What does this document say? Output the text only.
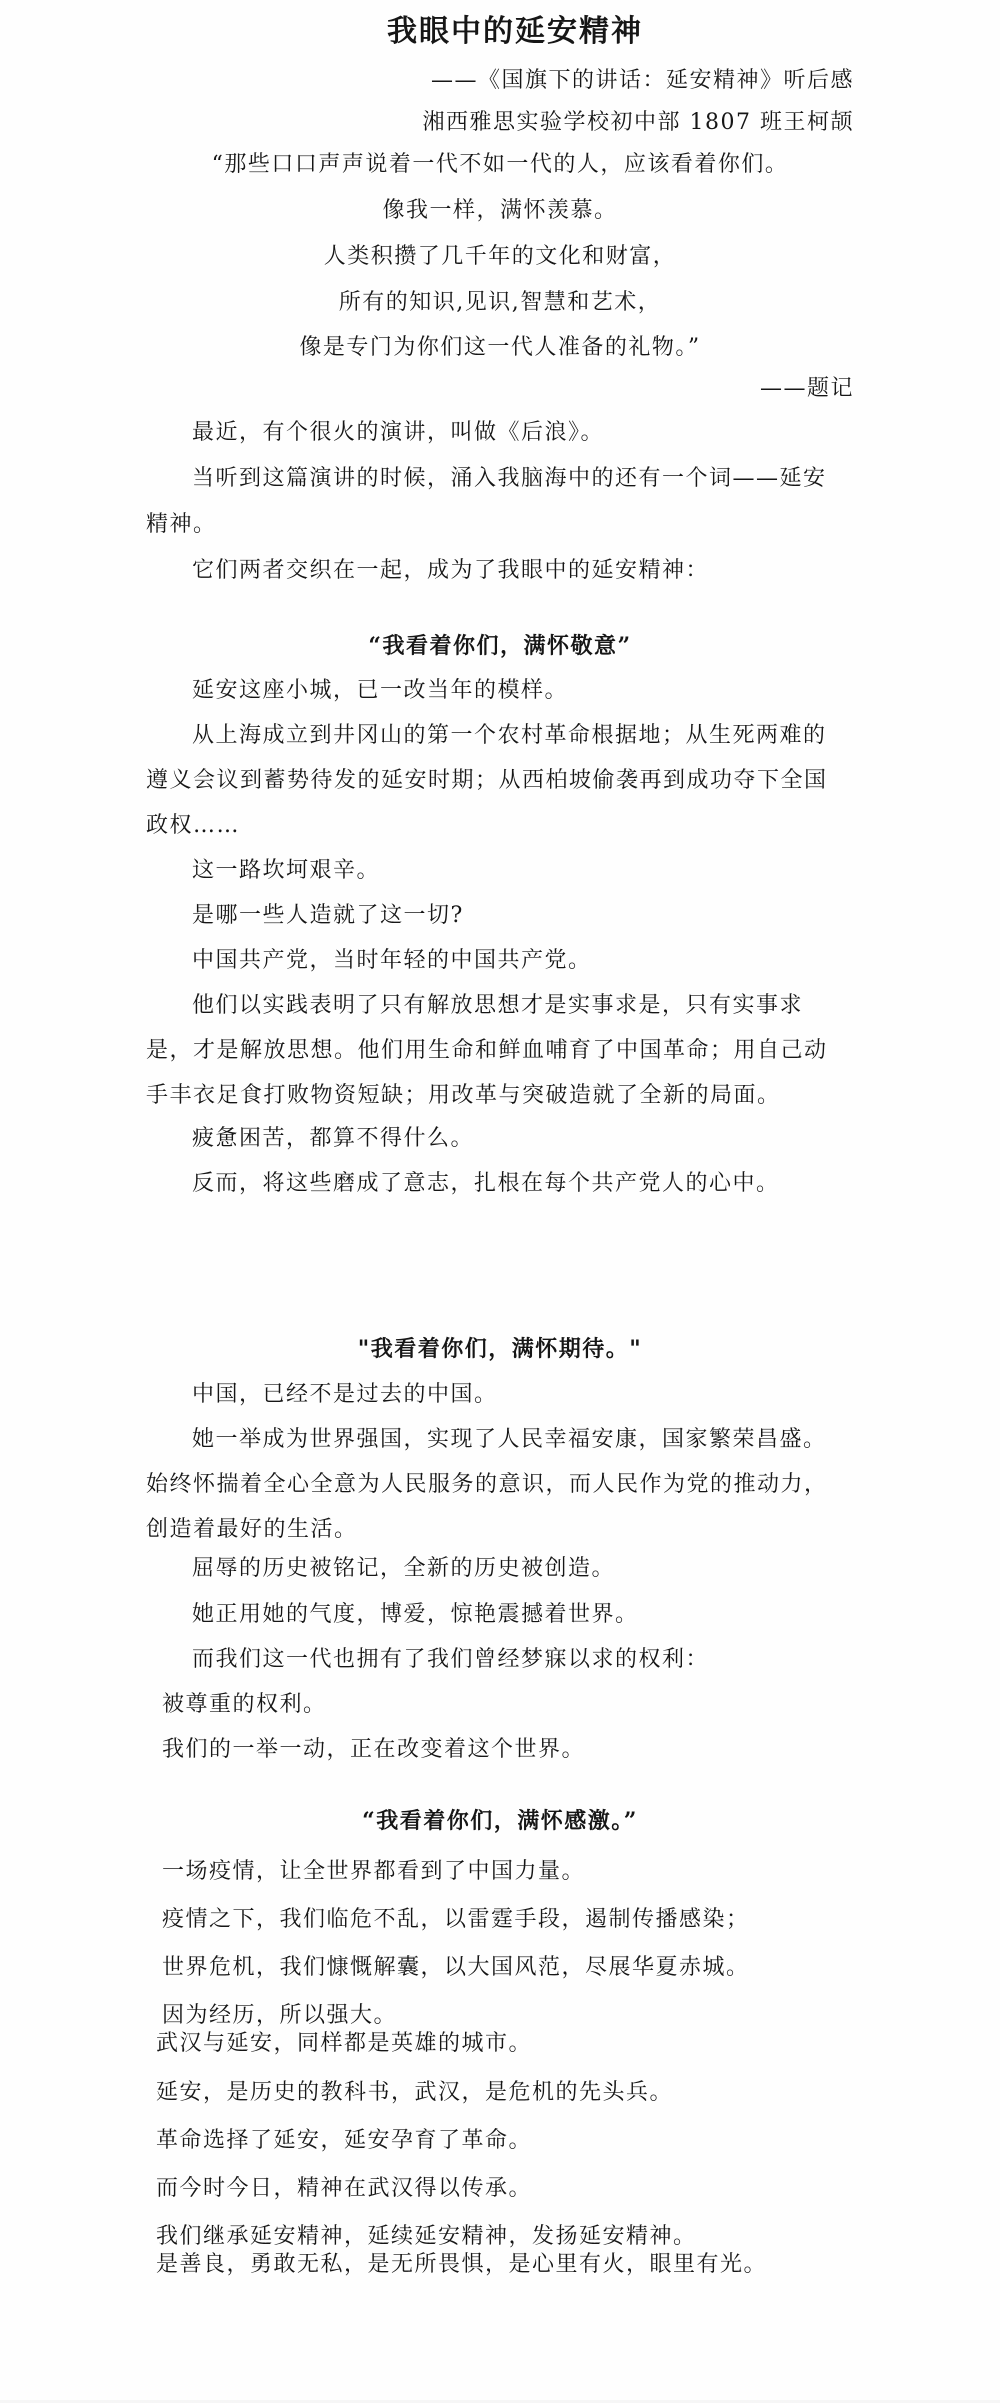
我眼中的延安精神
——《国旗下的讲话：延安精神》听后感
湘西雅思实验学校初中部 1807 班王柯颉
“那些口口声声说着一代不如一代的人，应该看着你们。
像我一样，满怀羡慕。
人类积攒了几千年的文化和财富，
所有的知识,见识,智慧和艺术，
像是专门为你们这一代人准备的礼物。”
——题记
最近，有个很火的演讲，叫做《后浪》。
当听到这篇演讲的时候，涌入我脑海中的还有一个词——延安
精神。
它们两者交织在一起，成为了我眼中的延安精神：
“我看着你们，满怀敬意”
延安这座小城，已一改当年的模样。
从上海成立到井冈山的第一个农村革命根据地；从生死两难的
遵义会议到蓄势待发的延安时期；从西柏坡偷袭再到成功夺下全国
政权……
这一路坎坷艰辛。
是哪一些人造就了这一切?
中国共产党，当时年轻的中国共产党。
他们以实践表明了只有解放思想才是实事求是，只有实事求
是，才是解放思想。他们用生命和鲜血哺育了中国革命；用自己动
手丰衣足食打败物资短缺；用改革与突破造就了全新的局面。
疲惫困苦，都算不得什么。
反而，将这些磨成了意志，扎根在每个共产党人的心中。
"我看着你们，满怀期待。"
中国，已经不是过去的中国。
她一举成为世界强国，实现了人民幸福安康，国家繁荣昌盛。
始终怀揣着全心全意为人民服务的意识，而人民作为党的推动力，
创造着最好的生活。
屈辱的历史被铭记，全新的历史被创造。
她正用她的气度，博爱，惊艳震撼着世界。
而我们这一代也拥有了我们曾经梦寐以求的权利：
被尊重的权利。
我们的一举一动，正在改变着这个世界。
“我看着你们，满怀感激。”
一场疫情，让全世界都看到了中国力量。
疫情之下，我们临危不乱，以雷霆手段，遏制传播感染；
世界危机，我们慷慨解囊，以大国风范，尽展华夏赤城。
因为经历，所以强大。
武汉与延安，同样都是英雄的城市。
延安，是历史的教科书，武汉，是危机的先头兵。
革命选择了延安，延安孕育了革命。
而今时今日，精神在武汉得以传承。
我们继承延安精神，延续延安精神，发扬延安精神。
是善良，勇敢无私，是无所畏惧，是心里有火，眼里有光。
